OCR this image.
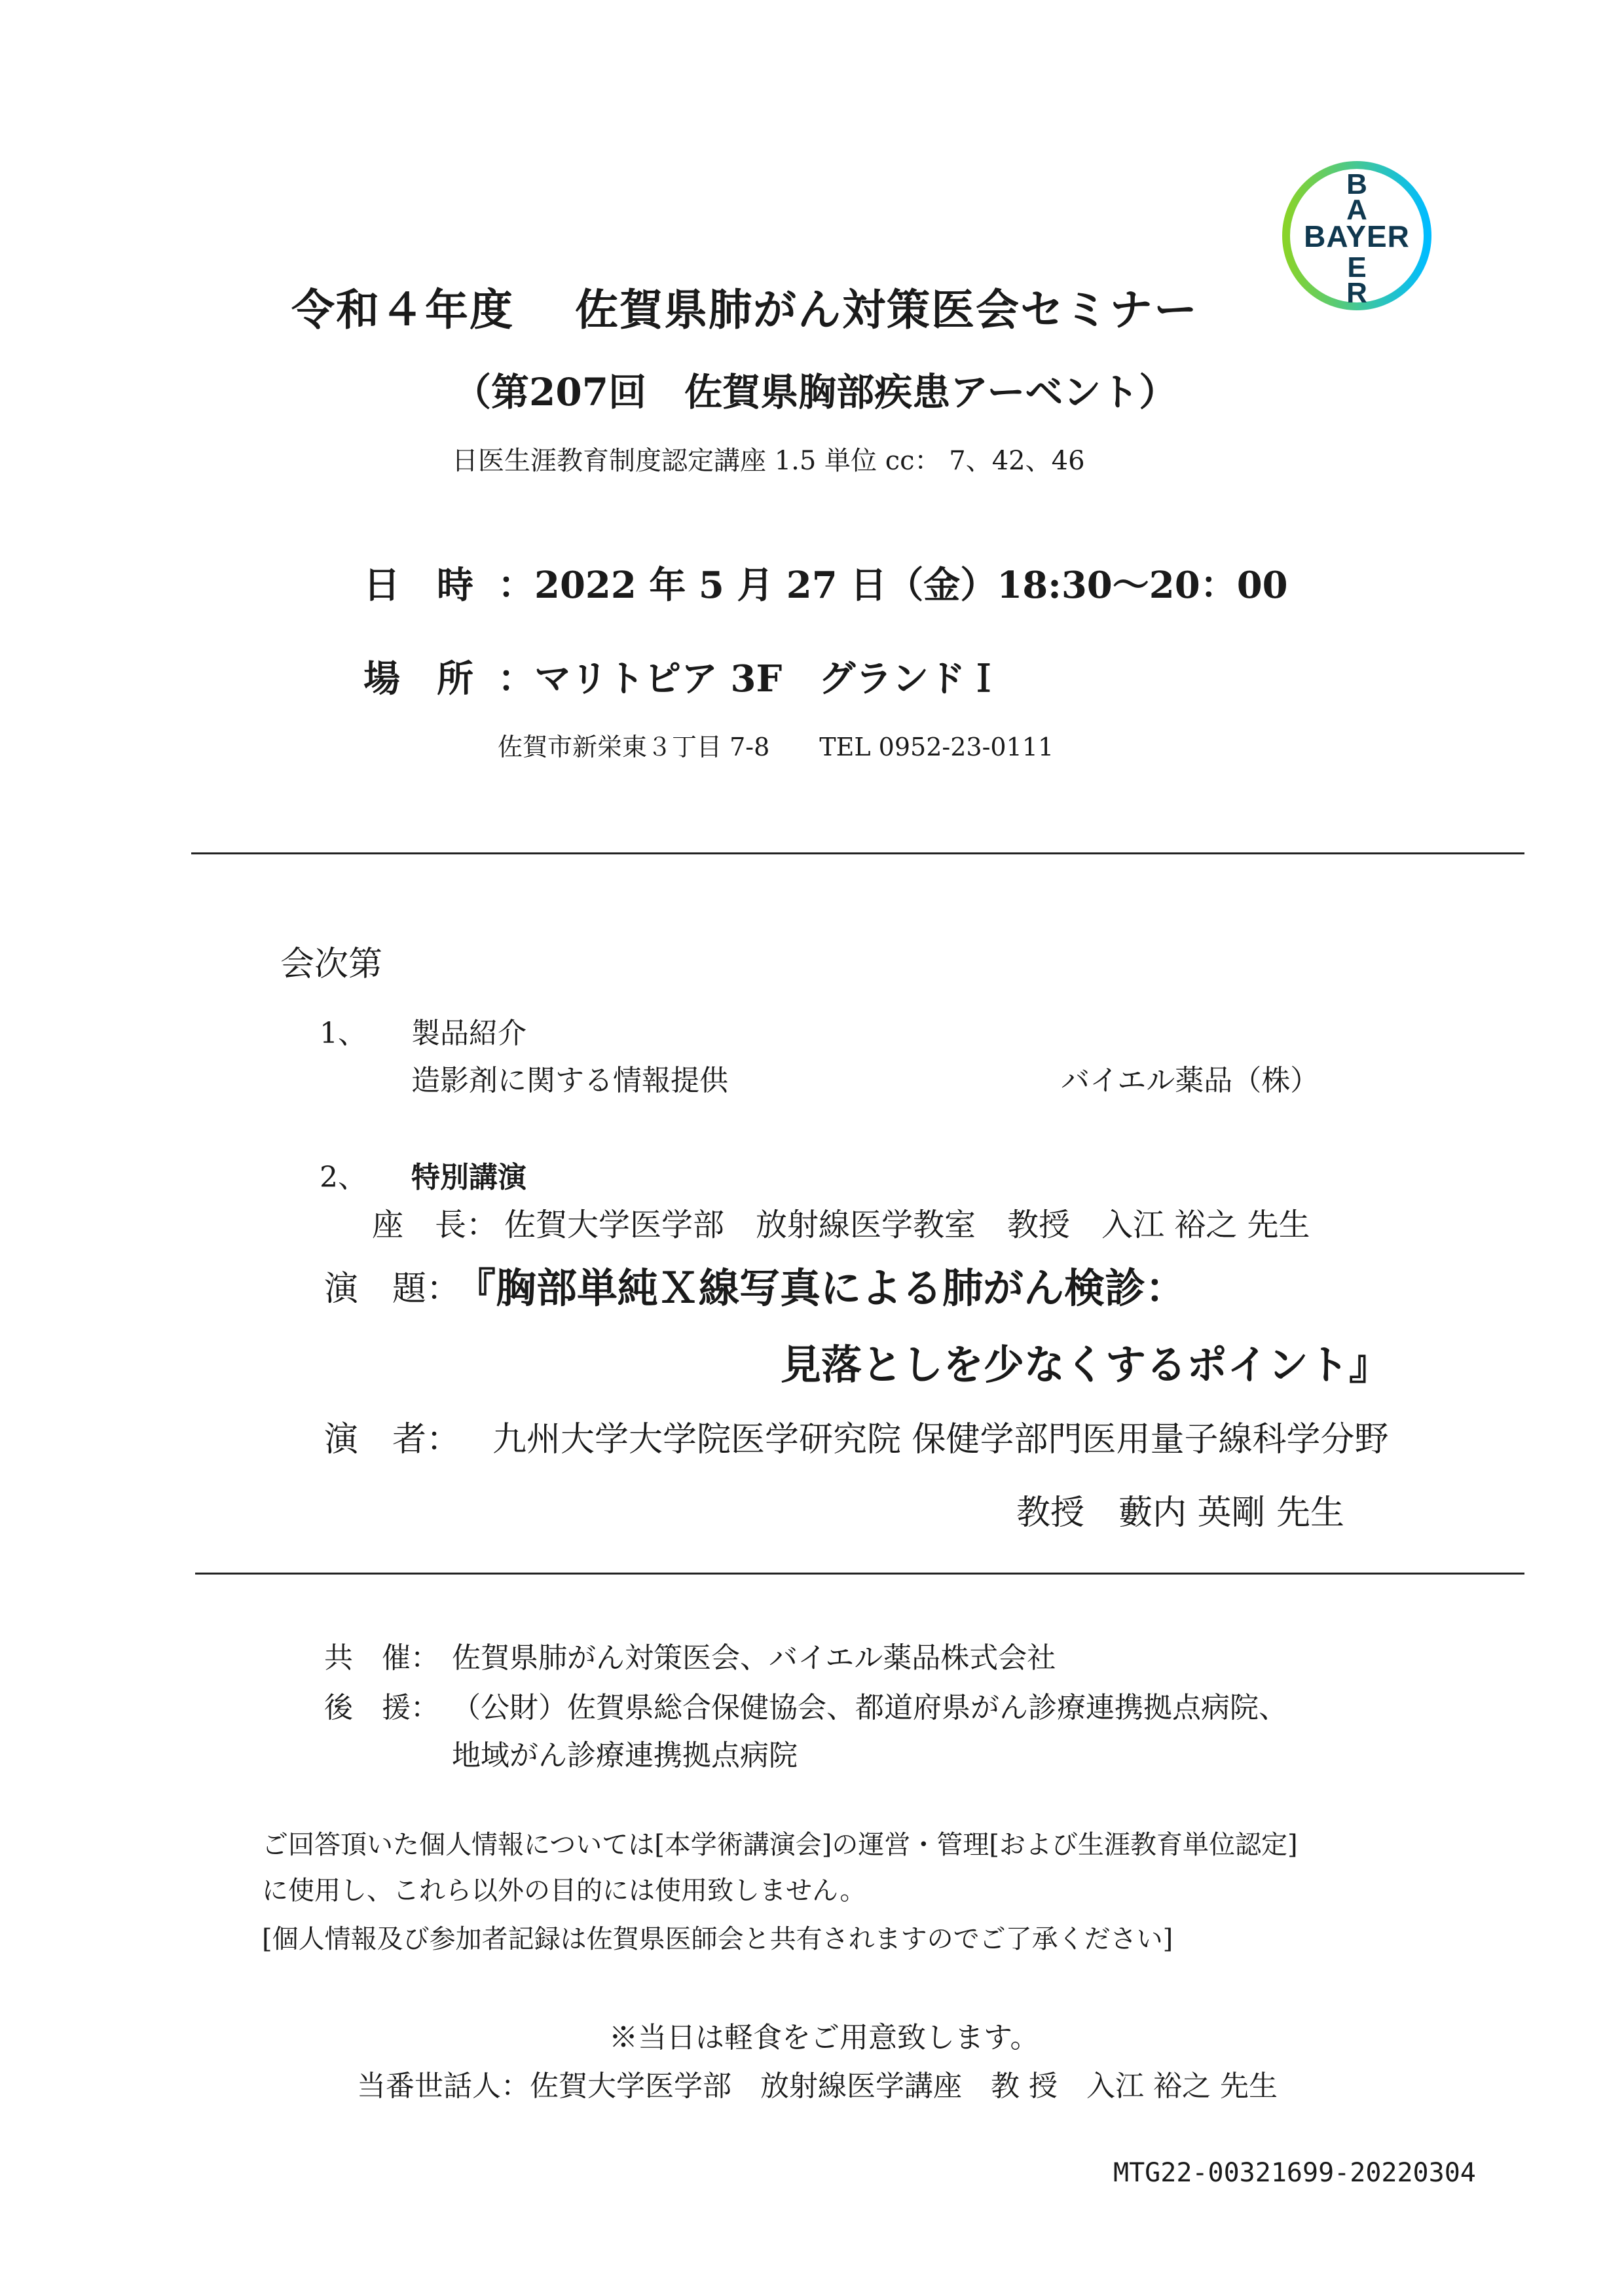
B
A
E
R
BAYER
令和４年度　 佐賀県肺がん対策医会セミナー
（第207回　佐賀県胸部疾患アーベント）
日医生涯教育制度認定講座 1.5 単位 cc： 7、42、46
日　時 ：2022 年 5 月 27 日（金）18:30～20：00
場　所 ：マリトピア 3F　グランドＩ
佐賀市新栄東３丁目 7-8　　TEL 0952-23-0111
会次第
1、 製品紹介
造影剤に関する情報提供	バイエル薬品（株）
2、 特別講演
座　長： 佐賀大学医学部　放射線医学教室　教授　入江 裕之 先生
演　題：
『胸部単純Ｘ線写真による肺がん検診：
見落としを少なくするポイント』
演　者： 九州大学大学院医学研究院 保健学部門医用量子線科学分野
教授　藪内 英剛 先生
共　催： 佐賀県肺がん対策医会、バイエル薬品株式会社
後　援： （公財）佐賀県総合保健協会、都道府県がん診療連携拠点病院、
地域がん診療連携拠点病院
ご回答頂いた個人情報については[本学術講演会]の運営・管理[および生涯教育単位認定]
に使用し、これら以外の目的には使用致しません。
[個人情報及び参加者記録は佐賀県医師会と共有されますのでご了承ください]
※当日は軽食をご用意致します。
当番世話人：佐賀大学医学部　放射線医学講座　教 授　入江 裕之 先生
MTG22-00321699-20220304
